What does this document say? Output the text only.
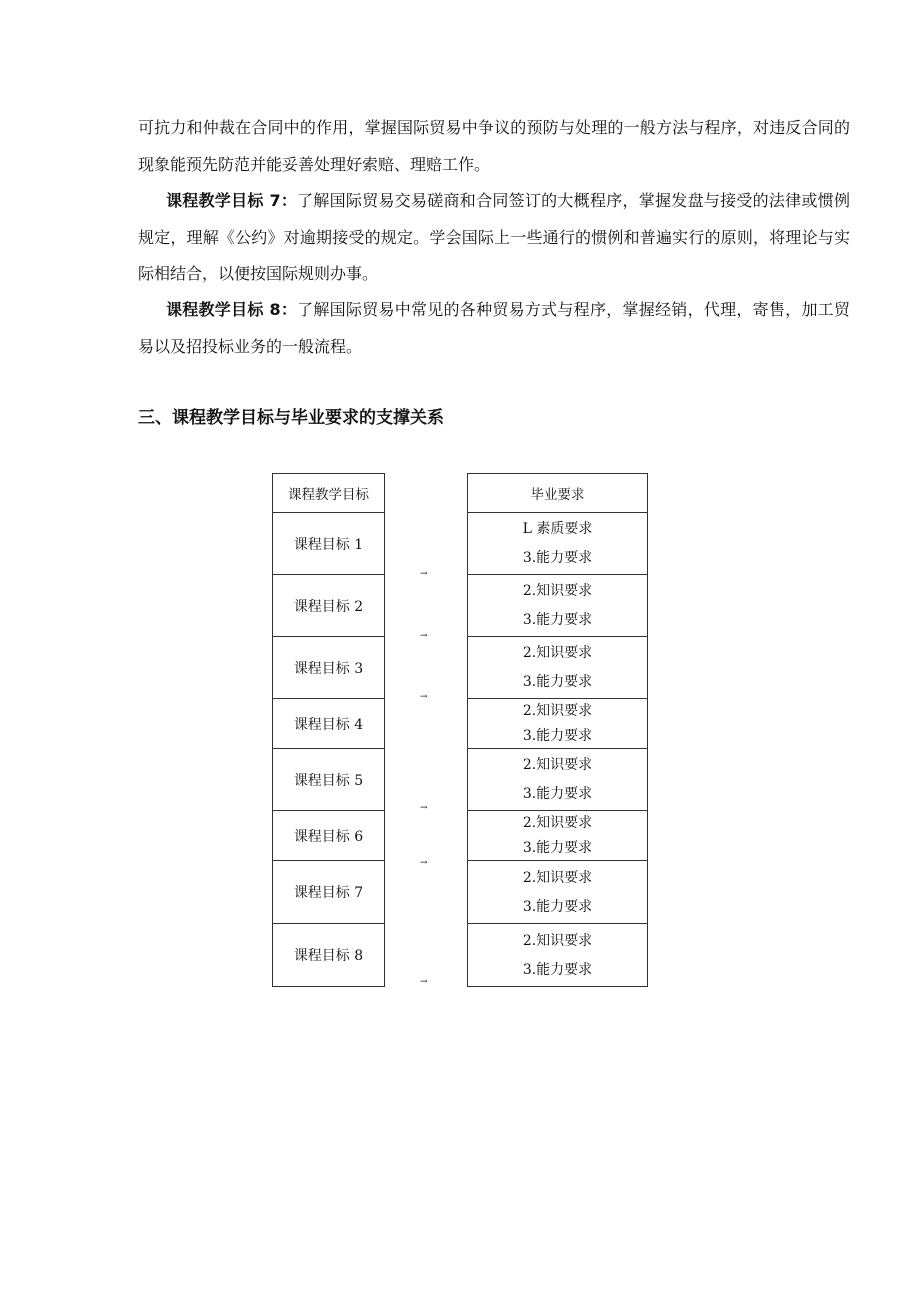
可抗力和仲裁在合同中的作用，掌握国际贸易中争议的预防与处理的一般方法与程序，对违反合同的现象能预先防范并能妥善处理好索赔、理赔工作。

课程教学目标 7：了解国际贸易交易磋商和合同签订的大概程序，掌握发盘与接受的法律或惯例规定，理解《公约》对逾期接受的规定。学会国际上一些通行的惯例和普遍实行的原则，将理论与实际相结合，以便按国际规则办事。

课程教学目标 8：了解国际贸易中常见的各种贸易方式与程序，掌握经销，代理，寄售，加工贸易以及招投标业务的一般流程。

三、课程教学目标与毕业要求的支撑关系
课程教学目标	毕业要求
课程目标 1
课程目标 2
课程目标 3
课程目标 4
课程目标 5
课程目标 6
课程目标 7
课程目标 8
L 素质要求
3.能力要求
2.知识要求
3.能力要求
2.知识要求
3.能力要求
2.知识要求
3.能力要求
2.知识要求
3.能力要求
2.知识要求
3.能力要求
2.知识要求
3.能力要求
2.知识要求
3.能力要求
→
→
→
→
→
→
